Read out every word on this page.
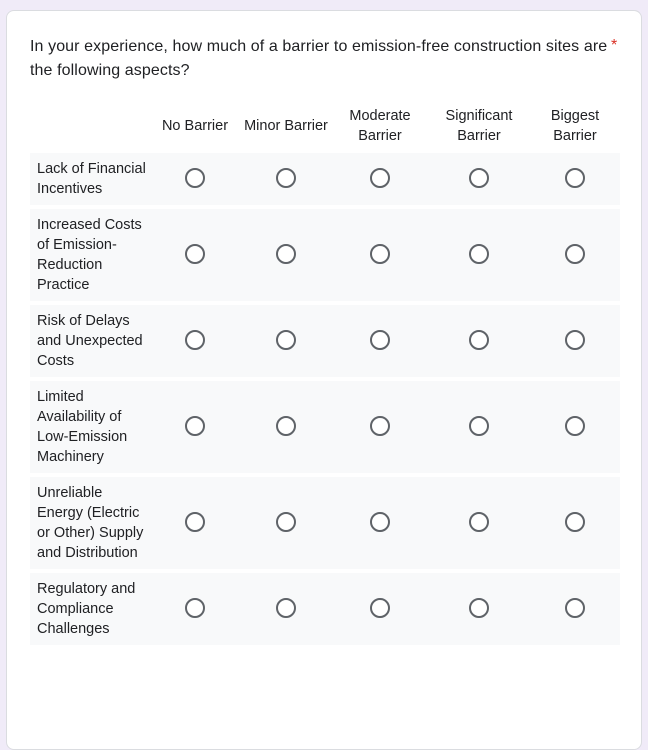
In your experience, how much of a barrier to emission-free construction sites are the following aspects?
*
No Barrier	Minor Barrier
Moderate Barrier
Significant Barrier
Biggest Barrier
Lack of Financial Incentives
Increased Costs of Emission-Reduction Practice
Risk of Delays and Unexpected Costs
Limited Availability of Low-Emission Machinery
Unreliable Energy (Electric or Other) Supply and Distribution
Regulatory and Compliance Challenges
